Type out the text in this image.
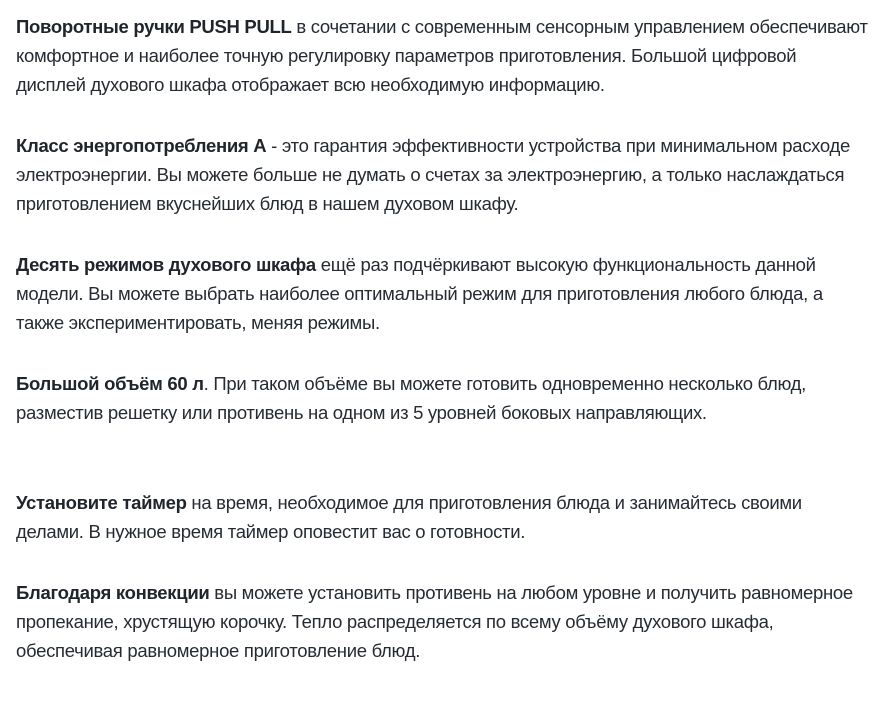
Поворотные ручки PUSH PULL в сочетании с современным сенсорным управлением обеспечивают комфортное и наиболее точную регулировку параметров приготовления. Большой цифровой дисплей духового шкафа отображает всю необходимую информацию.

Класс энергопотребления А - это гарантия эффективности устройства при минимальном расходе электроэнергии. Вы можете больше не думать о счетах за электроэнергию, а только наслаждаться приготовлением вкуснейших блюд в нашем духовом шкафу.

Десять режимов духового шкафа ещё раз подчёркивают высокую функциональность данной модели. Вы можете выбрать наиболее оптимальный режим для приготовления любого блюда, а также экспериментировать, меняя режимы.

Большой объём 60 л. При таком объёме вы можете готовить одновременно несколько блюд, разместив решетку или противень на одном из 5 уровней боковых направляющих.

Установите таймер на время, необходимое для приготовления блюда и занимайтесь своими делами. В нужное время таймер оповестит вас о готовности.

Благодаря конвекции вы можете установить противень на любом уровне и получить равномерное пропекание, хрустящую корочку. Тепло распределяется по всему объёму духового шкафа, обеспечивая равномерное приготовление блюд.
